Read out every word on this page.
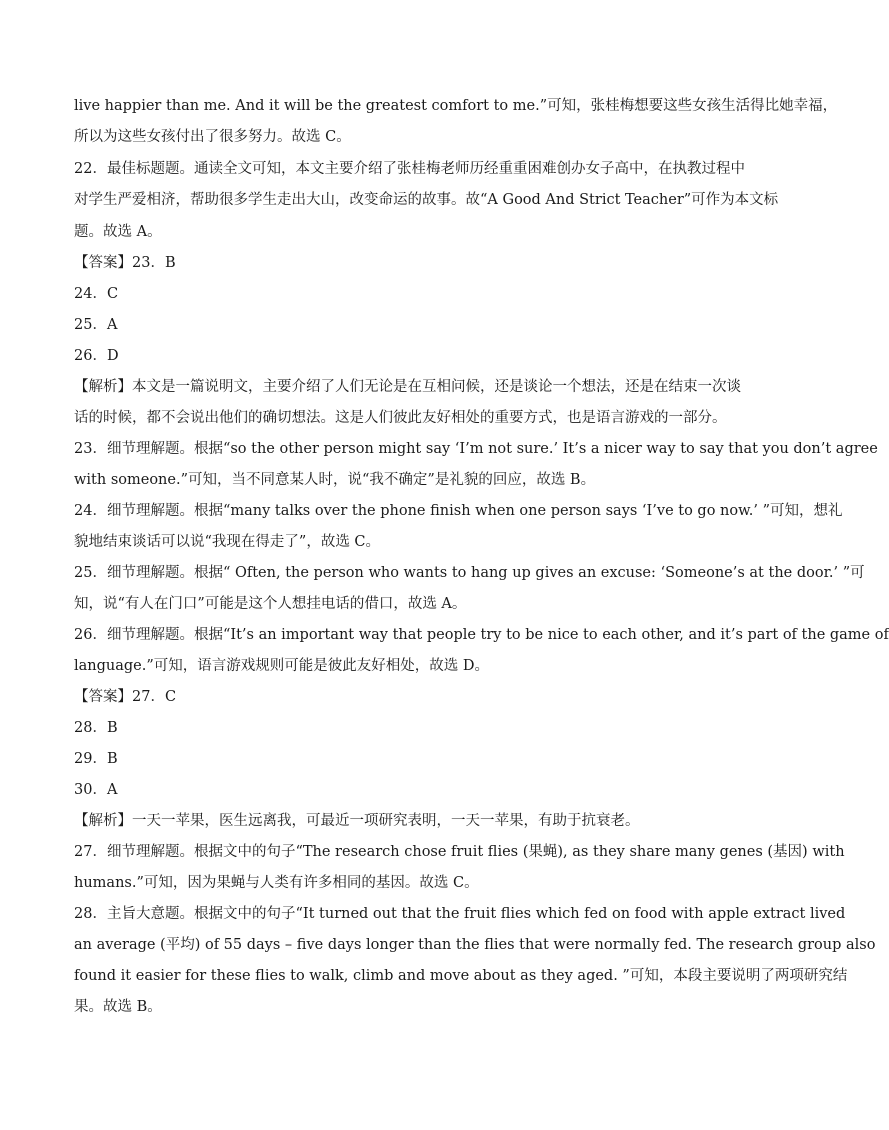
live happier than me. And it will be the greatest comfort to me.”可知，张桂梅想要这些女孩生活得比她幸福，
所以为这些女孩付出了很多努力。故选 C。
22．最佳标题题。通读全文可知，本文主要介绍了张桂梅老师历经重重困难创办女子高中，在执教过程中
对学生严爱相济，帮助很多学生走出大山，改变命运的故事。故“A Good And Strict Teacher”可作为本文标
题。故选 A。
【答案】23．B
24．C
25．A
26．D
【解析】本文是一篇说明文，主要介绍了人们无论是在互相问候，还是谈论一个想法，还是在结束一次谈
话的时候，都不会说出他们的确切想法。这是人们彼此友好相处的重要方式，也是语言游戏的一部分。
23．细节理解题。根据“so the other person might say ‘I’m not sure.’ It’s a nicer way to say that you don’t agree
with someone.”可知，当不同意某人时，说“我不确定”是礼貌的回应，故选 B。
24．细节理解题。根据“many talks over the phone finish when one person says ‘I’ve to go now.’ ”可知，想礼
貌地结束谈话可以说“我现在得走了”，故选 C。
25．细节理解题。根据“ Often, the person who wants to hang up gives an excuse: ‘Someone’s at the door.’ ”可
知，说“有人在门口”可能是这个人想挂电话的借口，故选 A。
26．细节理解题。根据“It’s an important way that people try to be nice to each other, and it’s part of the game of
language.”可知，语言游戏规则可能是彼此友好相处，故选 D。
【答案】27．C
28．B
29．B
30．A
【解析】一天一苹果，医生远离我，可最近一项研究表明，一天一苹果，有助于抗衰老。
27．细节理解题。根据文中的句子“The research chose fruit flies (果蝇), as they share many genes (基因) with
humans.”可知，因为果蝇与人类有许多相同的基因。故选 C。
28．主旨大意题。根据文中的句子“It turned out that the fruit flies which fed on food with apple extract lived
an average (平均) of 55 days – five days longer than the flies that were normally fed. The research group also
found it easier for these flies to walk, climb and move about as they aged. ”可知，本段主要说明了两项研究结
果。故选 B。
